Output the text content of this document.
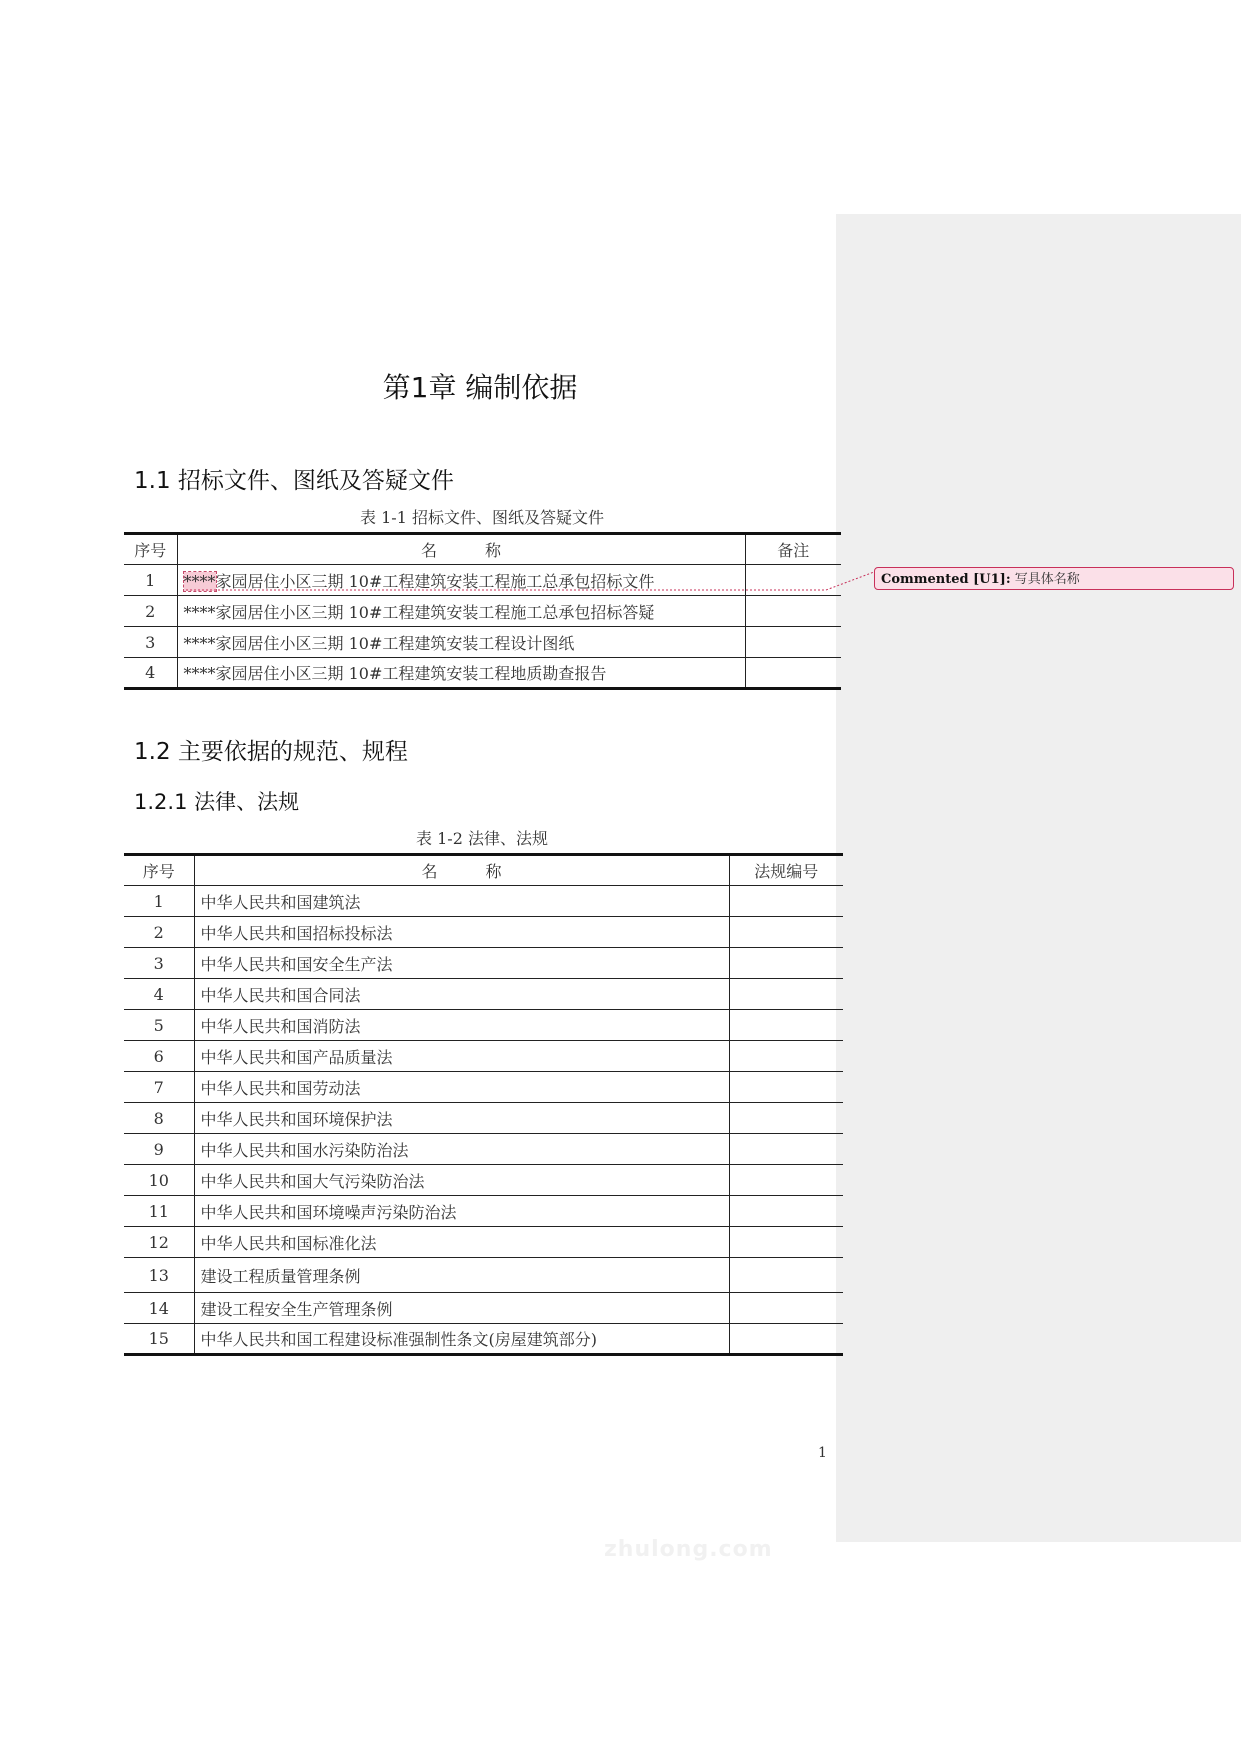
第1章 编制依据
1.1 招标文件、图纸及答疑文件
表 1-1 招标文件、图纸及答疑文件
序号	名　　　称	备注
1	****家园居住小区三期 10#工程建筑安装工程施工总承包招标文件	
2	****家园居住小区三期 10#工程建筑安装工程施工总承包招标答疑	
3	****家园居住小区三期 10#工程建筑安装工程设计图纸	
4	****家园居住小区三期 10#工程建筑安装工程地质勘查报告	
1.2 主要依据的规范、规程
1.2.1 法律、法规
表 1-2 法律、法规
序号	名　　　称	法规编号
1	中华人民共和国建筑法	
2	中华人民共和国招标投标法	
3	中华人民共和国安全生产法	
4	中华人民共和国合同法	
5	中华人民共和国消防法	
6	中华人民共和国产品质量法	
7	中华人民共和国劳动法	
8	中华人民共和国环境保护法	
9	中华人民共和国水污染防治法	
10	中华人民共和国大气污染防治法	
11	中华人民共和国环境噪声污染防治法	
12	中华人民共和国标准化法	
13	建设工程质量管理条例	
14	建设工程安全生产管理条例	
15	中华人民共和国工程建设标准强制性条文(房屋建筑部分)	
Commented [U1]: 写具体名称
1
zhulong.com
